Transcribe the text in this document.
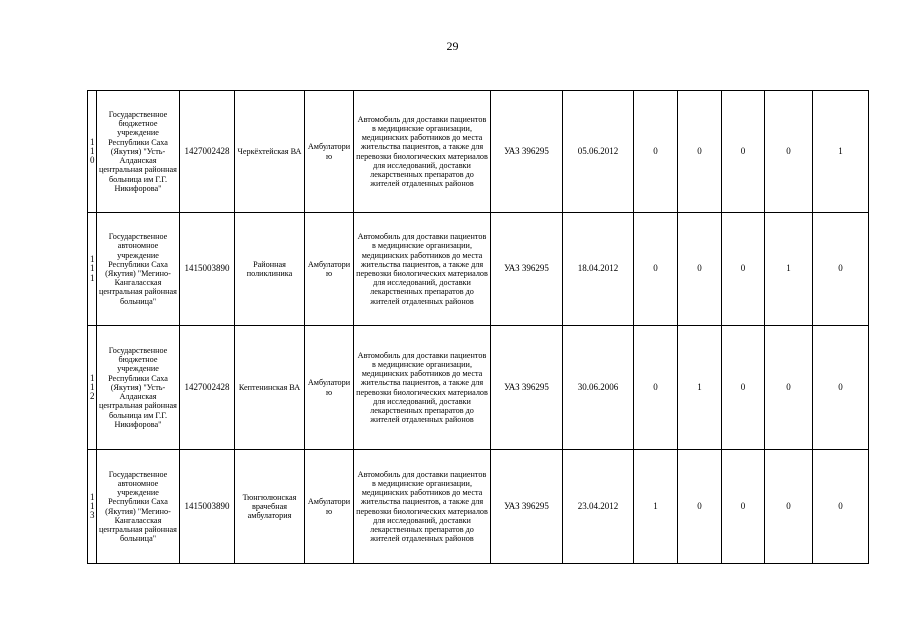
29
110	Государственное бюджетное учреждение Республики Саха (Якутия) "Усть-Алданская центральная районная больница им Г.Г. Никифорова"	1427002428	Черкёхтейская ВА	Амбулаторию	Автомобиль для доставки пациентов в медицинские организации, медицинских работников до места жительства пациентов, а также для перевозки биологических материалов для исследований, доставки лекарственных препаратов до жителей отдаленных районов	УАЗ 396295	05.06.2012	0	0	0	0	1
111	Государственное автономное учреждение Республики Саха (Якутия) "Мегино-Кангаласская центральная районная больница"	1415003890	Районная поликлиника	Амбулаторию	Автомобиль для доставки пациентов в медицинские организации, медицинских работников до места жительства пациентов, а также для перевозки биологических материалов для исследований, доставки лекарственных препаратов до жителей отдаленных районов	УАЗ 396295	18.04.2012	0	0	0	1	0
112	Государственное бюджетное учреждение Республики Саха (Якутия) "Усть-Алданская центральная районная больница им Г.Г. Никифорова"	1427002428	Кептенинская ВА	Амбулаторию	Автомобиль для доставки пациентов в медицинские организации, медицинских работников до места жительства пациентов, а также для перевозки биологических материалов для исследований, доставки лекарственных препаратов до жителей отдаленных районов	УАЗ 396295	30.06.2006	0	1	0	0	0
113	Государственное автономное учреждение Республики Саха (Якутия) "Мегино-Кангаласская центральная районная больница"	1415003890	Тюнгюлюнская врачебная амбулатория	Амбулаторию	Автомобиль для доставки пациентов в медицинские организации, медицинских работников до места жительства пациентов, а также для перевозки биологических материалов для исследований, доставки лекарственных препаратов до жителей отдаленных районов	УАЗ 396295	23.04.2012	1	0	0	0	0
